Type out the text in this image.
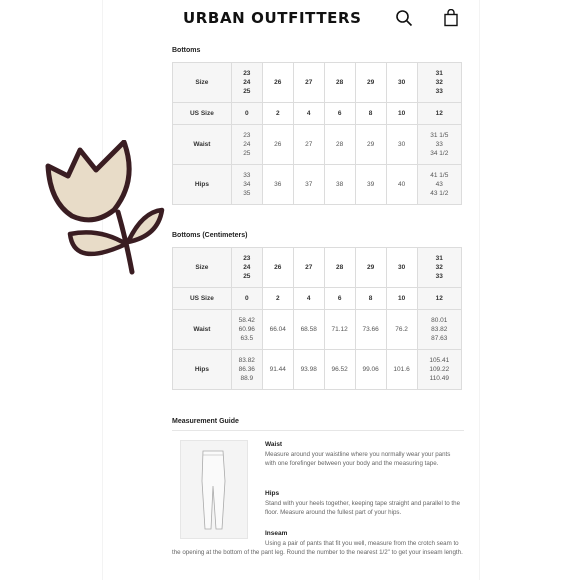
URBAN OUTFITTERS
Bottoms
Size	23
24
25	26	27	28	29	30	31
32
33
US Size	0	2	4	6	8	10	12
Waist	23
24
25	26	27	28	29	30	31 1/5
33
34 1/2
Hips	33
34
35	36	37	38	39	40	41 1/5
43
43 1/2
Bottoms (Centimeters)
Size	23
24
25	26	27	28	29	30	31
32
33
US Size	0	2	4	6	8	10	12
Waist	58.42
60.96
63.5	66.04	68.58	71.12	73.66	76.2	80.01
83.82
87.63
Hips	83.82
86.36
88.9	91.44	93.98	96.52	99.06	101.6	105.41
109.22
110.49
Measurement Guide
Waist
Measure around your waistline where you normally wear your pants with one forefinger between your body and the measuring tape.
Hips
Stand with your heels together, keeping tape straight and parallel to the floor. Measure around the fullest part of your hips.
Inseam
Using a pair of pants that fit you well, measure from the crotch seam to the opening at the bottom of the pant leg. Round the number to the nearest 1/2" to get your inseam length.
